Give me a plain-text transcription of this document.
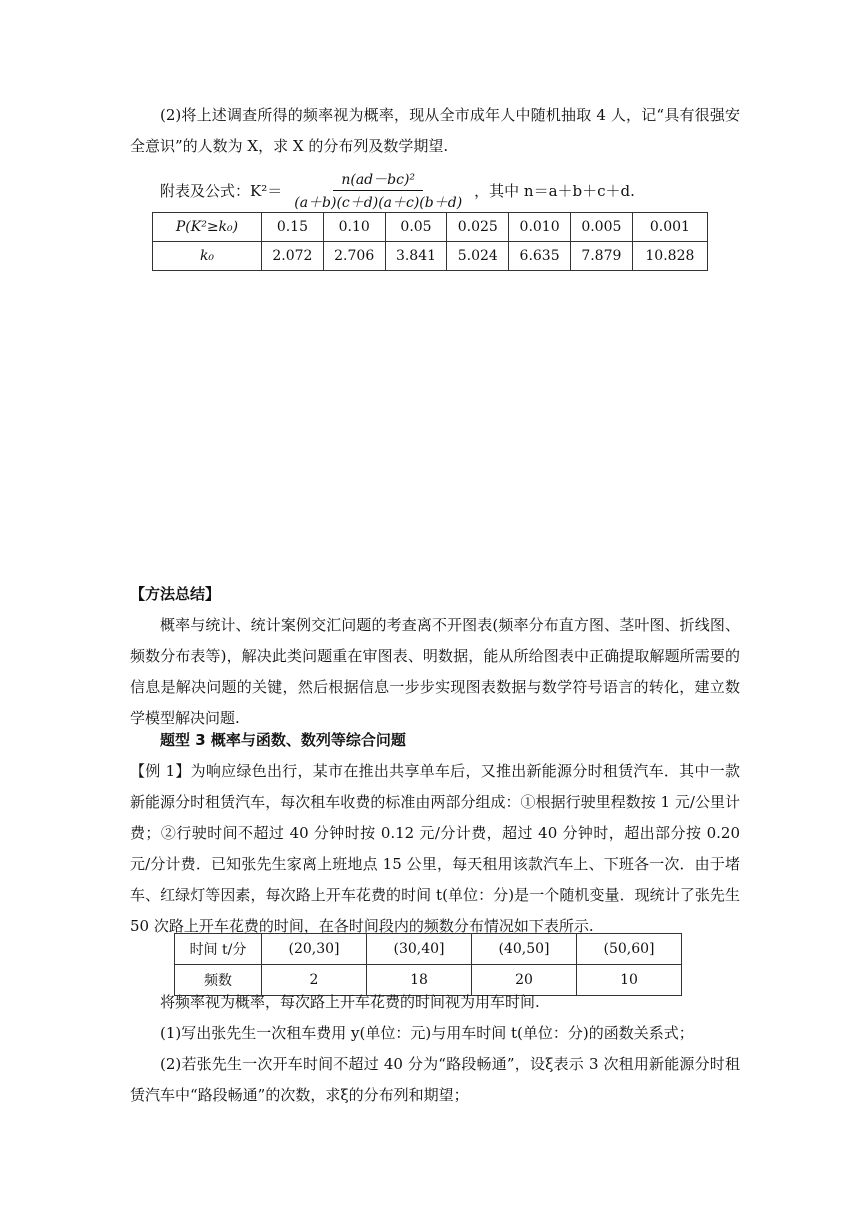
(2)将上述调查所得的频率视为概率，现从全市成年人中随机抽取 4 人，记“具有很强安全意识”的人数为 X，求 X 的分布列及数学期望.

附表及公式：$K^2= \frac{\text{n(ad－bc)²}}{(a+b)(c+d)(a+c)(b+d)}$ ，其中 n＝a＋b＋c＋d.
P(K²≥k₀)	0.15	0.10	0.05	0.025	0.010	0.005	0.001
k₀	2.072	2.706	3.841	5.024	6.635	7.879	10.828

【方法总结】

概率与统计、统计案例交汇问题的考查离不开图表(频率分布直方图、茎叶图、折线图、频数分布表等)，解决此类问题重在审图表、明数据，能从所给图表中正确提取解题所需要的信息是解决问题的关键，然后根据信息一步步实现图表数据与数学符号语言的转化，建立数学模型解决问题.

题型 3 概率与函数、数列等综合问题

【例 1】为响应绿色出行，某市在推出共享单车后，又推出新能源分时租赁汽车．其中一款新能源分时租赁汽车，每次租车收费的标准由两部分组成：①根据行驶里程数按 1 元/公里计费；②行驶时间不超过 40 分钟时按 0.12 元/分计费，超过 40 分钟时，超出部分按 0.20 元/分计费．已知张先生家离上班地点 15 公里，每天租用该款汽车上、下班各一次．由于堵车、红绿灯等因素，每次路上开车花费的时间 t(单位：分)是一个随机变量．现统计了张先生 50 次路上开车花费的时间，在各时间段内的频数分布情况如下表所示.

时间 t/分	(20,30]	(30,40]	(40,50]	(50,60]
频数	2	18	20	10

将频率视为概率，每次路上开车花费的时间视为用车时间.

(1)写出张先生一次租车费用 y(单位：元)与用车时间 t(单位：分)的函数关系式；

(2)若张先生一次开车时间不超过 40 分为“路段畅通”，设ξ表示 3 次租用新能源分时租赁汽车中“路段畅通”的次数，求ξ的分布列和期望；
